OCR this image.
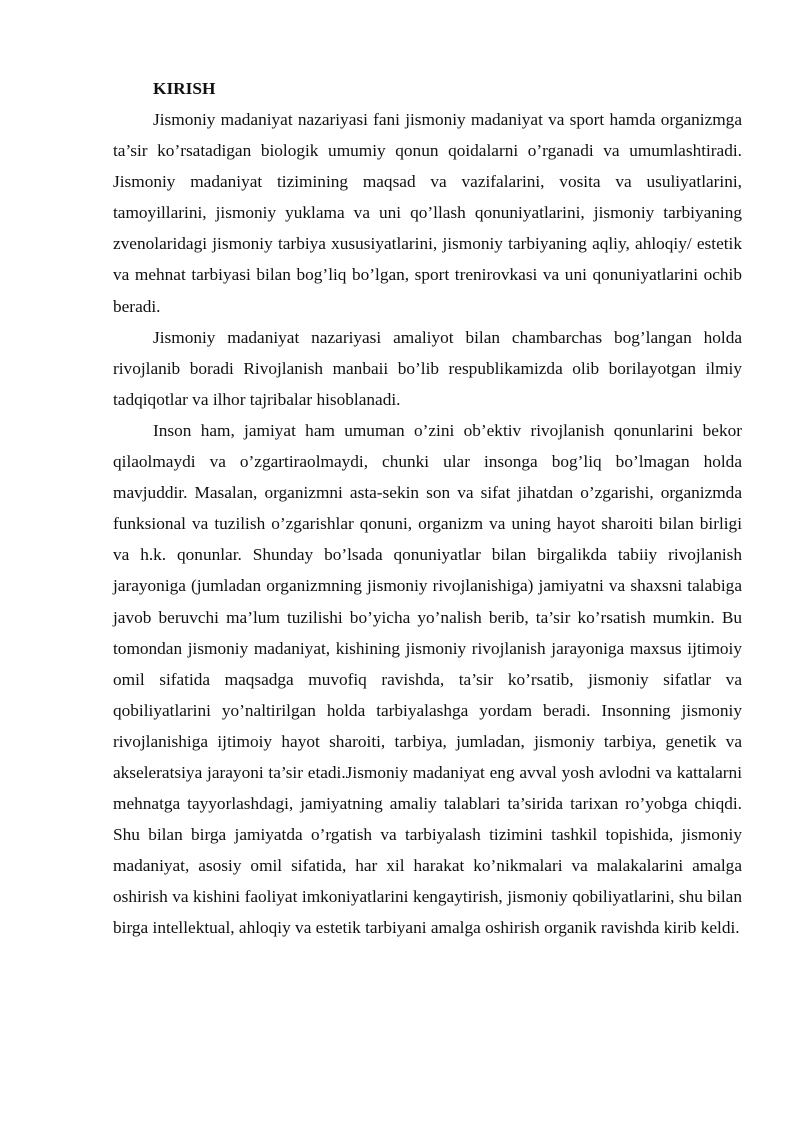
KIRISH

Jismoniy madaniyat nazariyasi fani jismoniy madaniyat va sport hamda organizmga ta’sir ko’rsatadigan biologik umumiy qonun qoidalarni o’rganadi va umumlashtiradi. Jismoniy madaniyat tizimining maqsad va vazifalarini, vosita va usuliyatlarini, tamoyillarini, jismoniy yuklama va uni qo’llash qonuniyatlarini, jismoniy tarbiyaning zvenolaridagi jismoniy tarbiya xususiyatlarini, jismoniy tarbiyaning aqliy, ahloqiy/ estetik va mehnat tarbiyasi bilan bog’liq bo’lgan, sport trenirovkasi va uni qonuniyatlarini ochib beradi.

Jismoniy madaniyat nazariyasi amaliyot bilan chambarchas bog’langan holda rivojlanib boradi Rivojlanish manbaii bo’lib respublikamizda olib borilayotgan ilmiy tadqiqotlar va ilhor tajribalar hisoblanadi.

Inson ham, jamiyat ham umuman o’zini ob’ektiv rivojlanish qonunlarini bekor qilaolmaydi va o’zgartiraolmaydi, chunki ular insonga bog’liq bo’lmagan holda mavjuddir. Masalan, organizmni asta-sekin son va sifat jihatdan o’zgarishi, organizmda funksional va tuzilish o’zgarishlar qonuni, organizm va uning hayot sharoiti bilan birligi va h.k. qonunlar. Shunday bo’lsada qonuniyatlar bilan birgalikda tabiiy rivojlanish jarayoniga (jumladan organizmning jismoniy rivojlanishiga) jamiyatni va shaxsni talabiga javob beruvchi ma’lum tuzilishi bo’yicha yo’nalish berib, ta’sir ko’rsatish mumkin. Bu tomondan jismoniy madaniyat, kishining jismoniy rivojlanish jarayoniga maxsus ijtimoiy omil sifatida maqsadga muvofiq ravishda, ta’sir ko’rsatib, jismoniy sifatlar va qobiliyatlarini yo’naltirilgan holda tarbiyalashga yordam beradi. Insonning jismoniy rivojlanishiga ijtimoiy hayot sharoiti, tarbiya, jumladan, jismoniy tarbiya, genetik va akseleratsiya jarayoni ta’sir etadi.Jismoniy madaniyat eng avval yosh avlodni va kattalarni mehnatga tayyorlashdagi, jamiyatning amaliy talablari ta’sirida tarixan ro’yobga chiqdi. Shu bilan birga jamiyatda o’rgatish va tarbiyalash tizimini tashkil topishida, jismoniy madaniyat, asosiy omil sifatida, har xil harakat ko’nikmalari va malakalarini amalga oshirish va kishini faoliyat imkoniyatlarini kengaytirish, jismoniy qobiliyatlarini, shu bilan birga intellektual, ahloqiy va estetik tarbiyani amalga oshirish organik ravishda kirib keldi.
